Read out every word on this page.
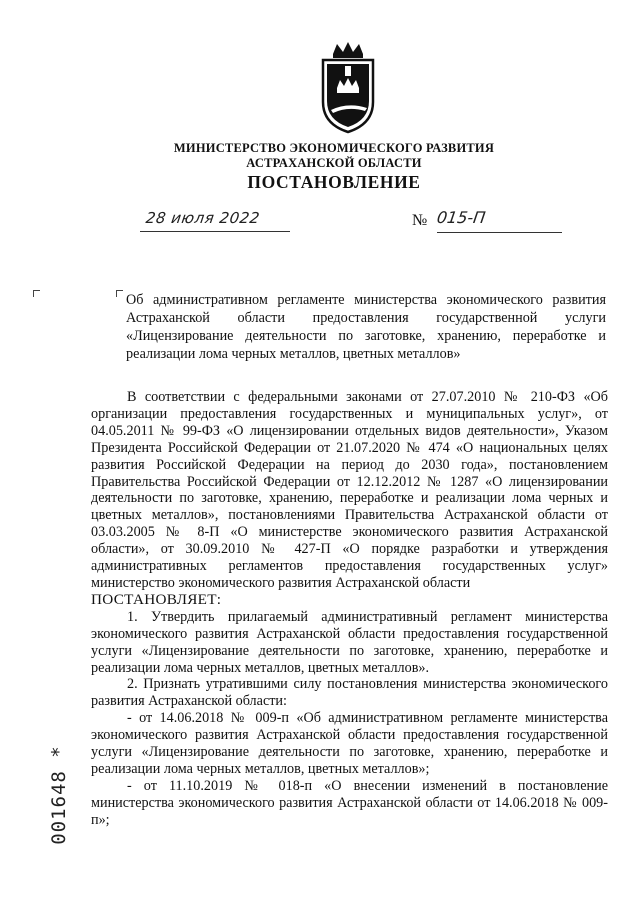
МИНИСТЕРСТВО ЭКОНОМИЧЕСКОГО РАЗВИТИЯ
АСТРАХАНСКОЙ ОБЛАСТИ
ПОСТАНОВЛЕНИЕ
28 июля 2022	№ 015-П

Об административном регламенте министерства экономического развития Астраханской области предоставления государственной услуги «Лицензирование деятельности по заготовке, хранению, переработке и реализации лома черных металлов, цветных металлов»

В соответствии с федеральными законами от 27.07.2010 № 210-ФЗ «Об организации предоставления государственных и муниципальных услуг», от 04.05.2011 № 99-ФЗ «О лицензировании отдельных видов деятельности», Указом Президента Российской Федерации от 21.07.2020 № 474 «О национальных целях развития Российской Федерации на период до 2030 года», постановлением Правительства Российской Федерации от 12.12.2012 № 1287 «О лицензировании деятельности по заготовке, хранению, переработке и реализации лома черных и цветных металлов», постановлениями Правительства Астраханской области от 03.03.2005 № 8-П «О министерстве экономического развития Астраханской области», от 30.09.2010 № 427-П «О порядке разработки и утверждения административных регламентов предоставления государственных услуг» министерство экономического развития Астраханской области

ПОСТАНОВЛЯЕТ:

1. Утвердить прилагаемый административный регламент министерства экономического развития Астраханской области предоставления государственной услуги «Лицензирование деятельности по заготовке, хранению, переработке и реализации лома черных металлов, цветных металлов».

2. Признать утратившими силу постановления министерства экономического развития Астраханской области:

- от 14.06.2018 № 009-п «Об административном регламенте министерства экономического развития Астраханской области предоставления государственной услуги «Лицензирование деятельности по заготовке, хранению, переработке и реализации лома черных металлов, цветных металлов»;

- от 11.10.2019 № 018-п «О внесении изменений в постановление министерства экономического развития Астраханской области от 14.06.2018 № 009-п»;

001648 *
